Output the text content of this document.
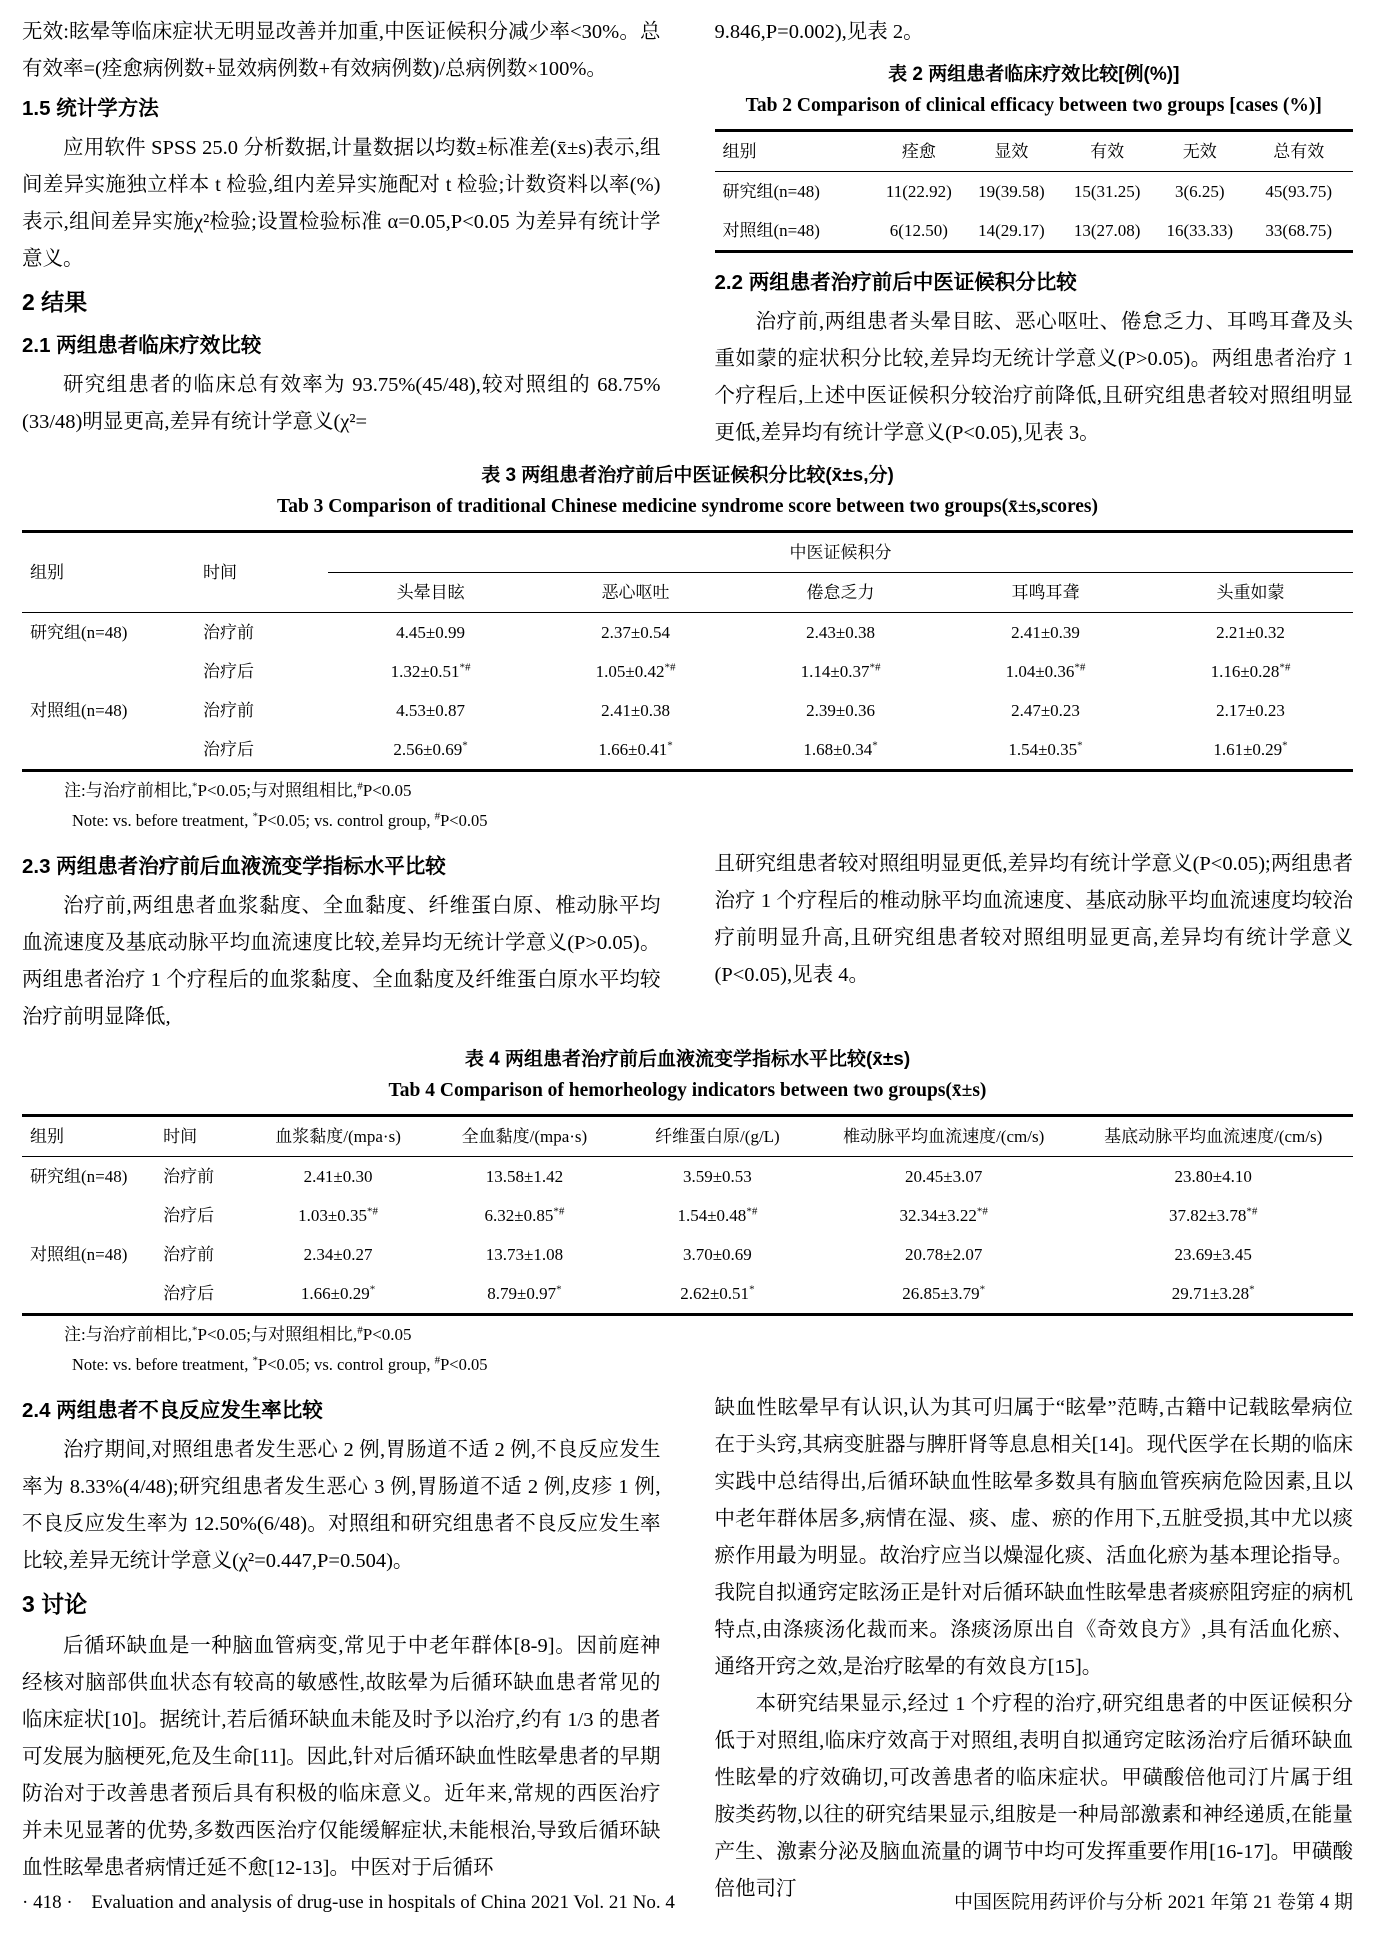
无效:眩晕等临床症状无明显改善并加重,中医证候积分减少率<30%。总有效率=(痊愈病例数+显效病例数+有效病例数)/总病例数×100%。

1.5 统计学方法

应用软件 SPSS 25.0 分析数据,计量数据以均数±标准差(x̄±s)表示,组间差异实施独立样本 t 检验,组内差异实施配对 t 检验;计数资料以率(%)表示,组间差异实施χ²检验;设置检验标准 α=0.05,P<0.05 为差异有统计学意义。

2 结果
2.1 两组患者临床疗效比较

研究组患者的临床总有效率为 93.75%(45/48),较对照组的 68.75%(33/48)明显更高,差异有统计学意义(χ²=

9.846,P=0.002),见表 2。

表 2 两组患者临床疗效比较[例(%)]
Tab 2 Comparison of clinical efficacy between two groups [cases (%)]
组别	痊愈	显效	有效	无效	总有效
研究组(n=48)	11(22.92)	19(39.58)	15(31.25)	3(6.25)	45(93.75)
对照组(n=48)	6(12.50)	14(29.17)	13(27.08)	16(33.33)	33(68.75)
2.2 两组患者治疗前后中医证候积分比较

治疗前,两组患者头晕目眩、恶心呕吐、倦怠乏力、耳鸣耳聋及头重如蒙的症状积分比较,差异均无统计学意义(P>0.05)。两组患者治疗 1 个疗程后,上述中医证候积分较治疗前降低,且研究组患者较对照组明显更低,差异均有统计学意义(P<0.05),见表 3。

表 3 两组患者治疗前后中医证候积分比较(x̄±s,分)
Tab 3 Comparison of traditional Chinese medicine syndrome score between two groups(x̄±s,scores)
组别	时间	中医证候积分				
		头晕目眩	恶心呕吐	倦怠乏力	耳鸣耳聋	头重如蒙
研究组(n=48)	治疗前	4.45±0.99	2.37±0.54	2.43±0.38	2.41±0.39	2.21±0.32
	治疗后	1.32±0.51*#	1.05±0.42*#	1.14±0.37*#	1.04±0.36*#	1.16±0.28*#
对照组(n=48)	治疗前	4.53±0.87	2.41±0.38	2.39±0.36	2.47±0.23	2.17±0.23
	治疗后	2.56±0.69*	1.66±0.41*	1.68±0.34*	1.54±0.35*	1.61±0.29*
注:与治疗前相比,*P<0.05;与对照组相比,#P<0.05
Note: vs. before treatment, *P<0.05; vs. control group, #P<0.05
2.3 两组患者治疗前后血液流变学指标水平比较

治疗前,两组患者血浆黏度、全血黏度、纤维蛋白原、椎动脉平均血流速度及基底动脉平均血流速度比较,差异均无统计学意义(P>0.05)。两组患者治疗 1 个疗程后的血浆黏度、全血黏度及纤维蛋白原水平均较治疗前明显降低,

且研究组患者较对照组明显更低,差异均有统计学意义(P<0.05);两组患者治疗 1 个疗程后的椎动脉平均血流速度、基底动脉平均血流速度均较治疗前明显升高,且研究组患者较对照组明显更高,差异均有统计学意义(P<0.05),见表 4。

表 4 两组患者治疗前后血液流变学指标水平比较(x̄±s)
Tab 4 Comparison of hemorheology indicators between two groups(x̄±s)
组别	时间	血浆黏度/(mpa·s)	全血黏度/(mpa·s)	纤维蛋白原/(g/L)	椎动脉平均血流速度/(cm/s)	基底动脉平均血流速度/(cm/s)
研究组(n=48)	治疗前	2.41±0.30	13.58±1.42	3.59±0.53	20.45±3.07	23.80±4.10
	治疗后	1.03±0.35*#	6.32±0.85*#	1.54±0.48*#	32.34±3.22*#	37.82±3.78*#
对照组(n=48)	治疗前	2.34±0.27	13.73±1.08	3.70±0.69	20.78±2.07	23.69±3.45
	治疗后	1.66±0.29*	8.79±0.97*	2.62±0.51*	26.85±3.79*	29.71±3.28*
注:与治疗前相比,*P<0.05;与对照组相比,#P<0.05
Note: vs. before treatment, *P<0.05; vs. control group, #P<0.05
2.4 两组患者不良反应发生率比较

治疗期间,对照组患者发生恶心 2 例,胃肠道不适 2 例,不良反应发生率为 8.33%(4/48);研究组患者发生恶心 3 例,胃肠道不适 2 例,皮疹 1 例,不良反应发生率为 12.50%(6/48)。对照组和研究组患者不良反应发生率比较,差异无统计学意义(χ²=0.447,P=0.504)。

3 讨论

后循环缺血是一种脑血管病变,常见于中老年群体[8-9]。因前庭神经核对脑部供血状态有较高的敏感性,故眩晕为后循环缺血患者常见的临床症状[10]。据统计,若后循环缺血未能及时予以治疗,约有 1/3 的患者可发展为脑梗死,危及生命[11]。因此,针对后循环缺血性眩晕患者的早期防治对于改善患者预后具有积极的临床意义。近年来,常规的西医治疗并未见显著的优势,多数西医治疗仅能缓解症状,未能根治,导致后循环缺血性眩晕患者病情迁延不愈[12-13]。中医对于后循环

缺血性眩晕早有认识,认为其可归属于“眩晕”范畴,古籍中记载眩晕病位在于头窍,其病变脏器与脾肝肾等息息相关[14]。现代医学在长期的临床实践中总结得出,后循环缺血性眩晕多数具有脑血管疾病危险因素,且以中老年群体居多,病情在湿、痰、虚、瘀的作用下,五脏受损,其中尤以痰瘀作用最为明显。故治疗应当以燥湿化痰、活血化瘀为基本理论指导。我院自拟通窍定眩汤正是针对后循环缺血性眩晕患者痰瘀阻窍症的病机特点,由涤痰汤化裁而来。涤痰汤原出自《奇效良方》,具有活血化瘀、通络开窍之效,是治疗眩晕的有效良方[15]。

本研究结果显示,经过 1 个疗程的治疗,研究组患者的中医证候积分低于对照组,临床疗效高于对照组,表明自拟通窍定眩汤治疗后循环缺血性眩晕的疗效确切,可改善患者的临床症状。甲磺酸倍他司汀片属于组胺类药物,以往的研究结果显示,组胺是一种局部激素和神经递质,在能量产生、激素分泌及脑血流量的调节中均可发挥重要作用[16-17]。甲磺酸倍他司汀

· 418 · Evaluation and analysis of drug-use in hospitals of China 2021 Vol. 21 No. 4	中国医院用药评价与分析 2021 年第 21 卷第 4 期
